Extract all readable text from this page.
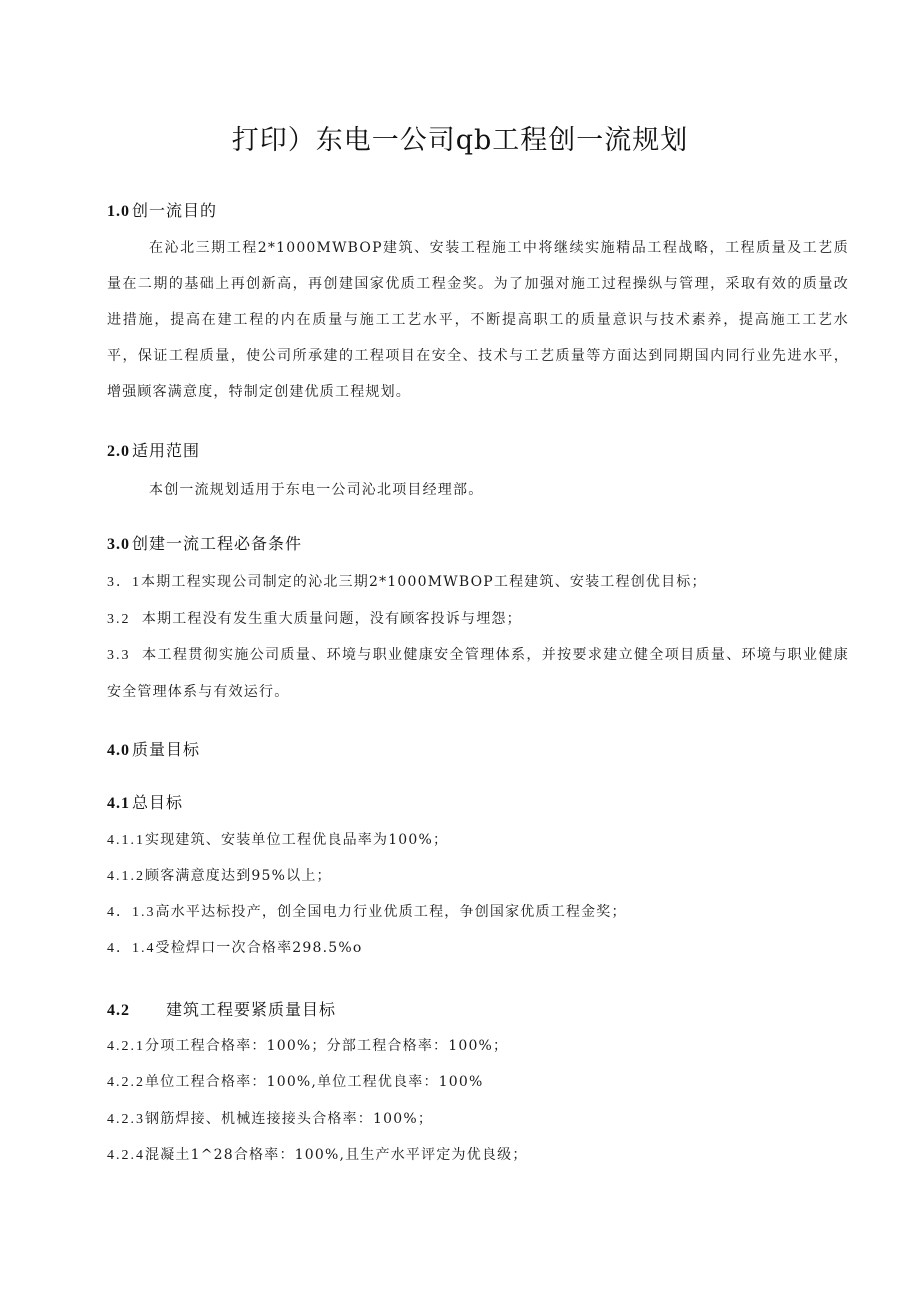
打印）东电一公司qb工程创一流规划
1.0 创一流目的
在沁北三期工程2*1000MWBOP建筑、安装工程施工中将继续实施精品工程战略，工程质量及工艺质量在二期的基础上再创新高，再创建国家优质工程金奖。为了加强对施工过程操纵与管理，采取有效的质量改进措施，提高在建工程的内在质量与施工工艺水平，不断提高职工的质量意识与技术素养，提高施工工艺水平，保证工程质量，使公司所承建的工程项目在安全、技术与工艺质量等方面达到同期国内同行业先进水平，增强顾客满意度，特制定创建优质工程规划。
2.0 适用范围
本创一流规划适用于东电一公司沁北项目经理部。
3.0 创建一流工程必备条件
3．1本期工程实现公司制定的沁北三期2*1000MWBOP工程建筑、安装工程创优目标；
3.2 本期工程没有发生重大质量问题，没有顾客投诉与埋怨；
3.3 本工程贯彻实施公司质量、环境与职业健康安全管理体系，并按要求建立健全项目质量、环境与职业健康安全管理体系与有效运行。
4.0 质量目标
4.1 总目标
4.1.1实现建筑、安装单位工程优良品率为100%；
4.1.2顾客满意度达到95%以上；
4．1.3高水平达标投产，创全国电力行业优质工程，争创国家优质工程金奖；
4．1.4受检焊口一次合格率298.5%o
4.2 建筑工程要紧质量目标
4.2.1分项工程合格率：100%；分部工程合格率：100%；
4.2.2单位工程合格率：100%,单位工程优良率：100%
4.2.3钢筋焊接、机械连接接头合格率：100%；
4.2.4混凝土1^28合格率：100%,且生产水平评定为优良级；
